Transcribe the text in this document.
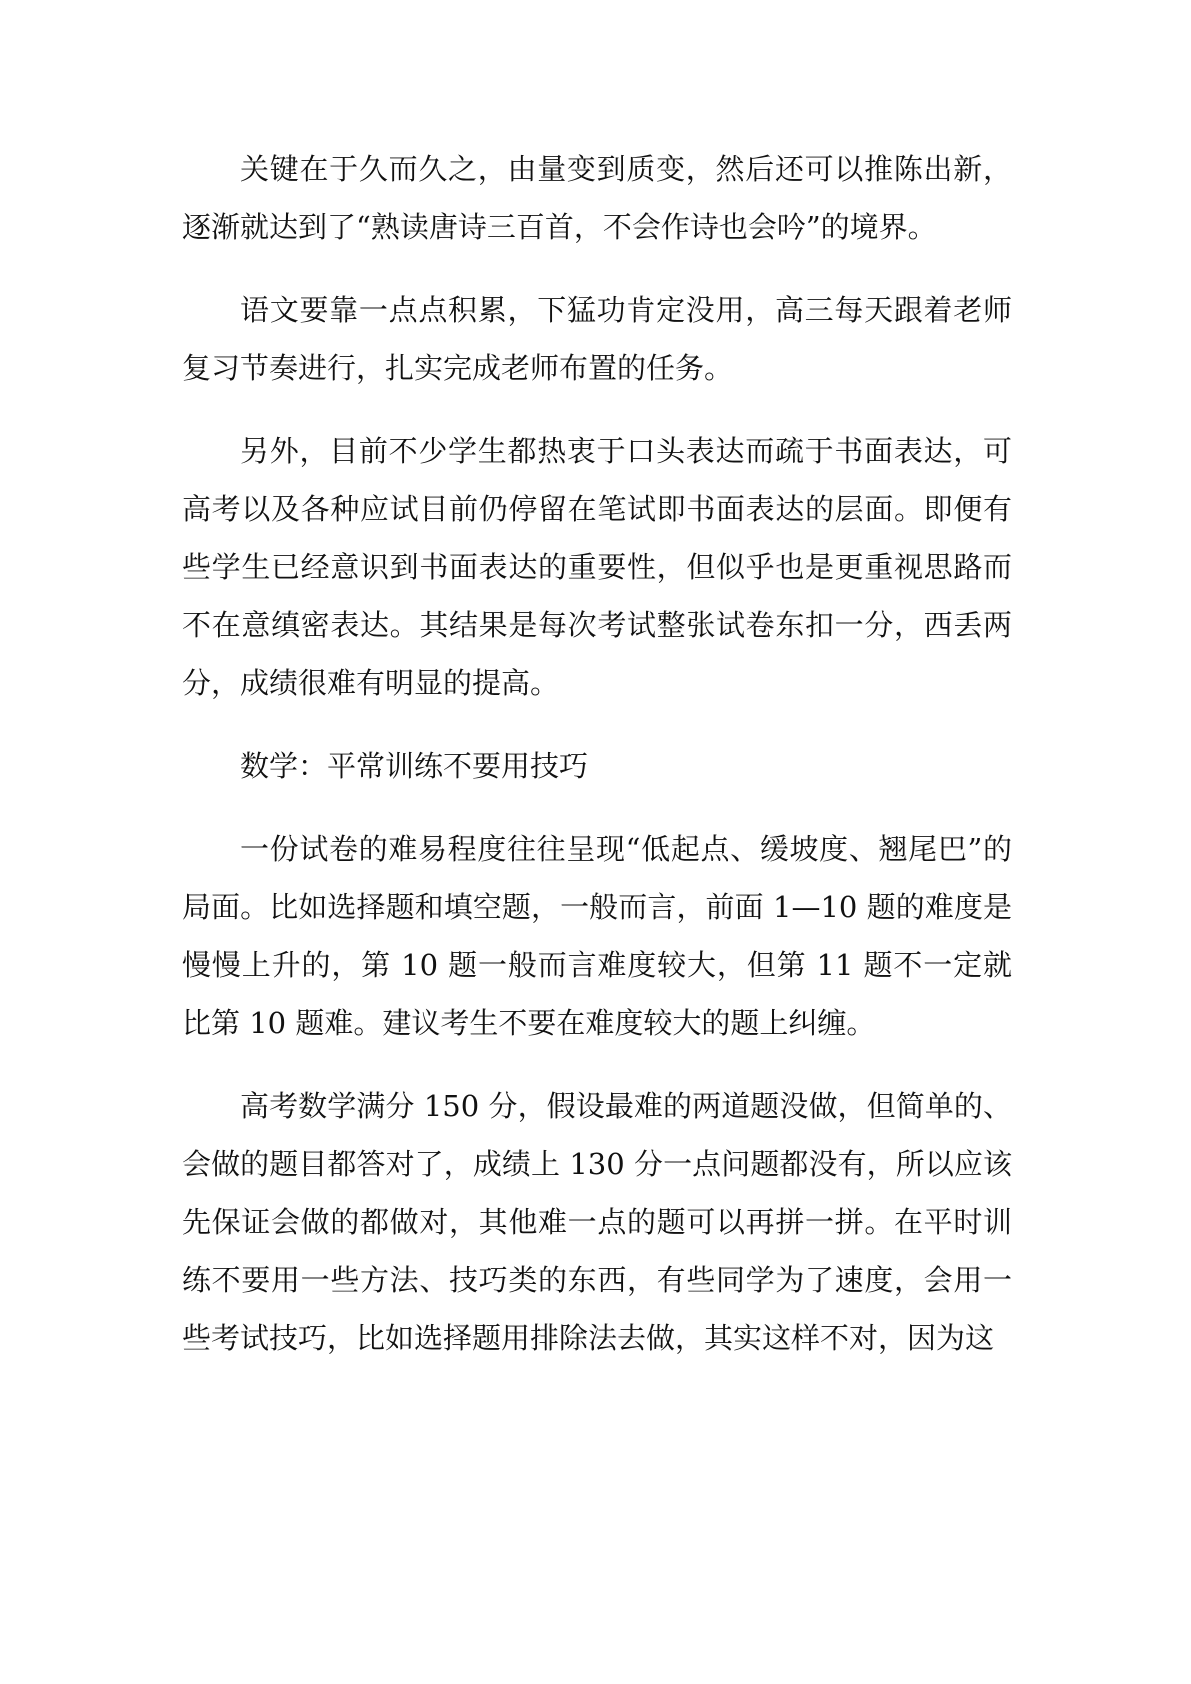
关键在于久而久之，由量变到质变，然后还可以推陈出新，逐渐就达到了“熟读唐诗三百首，不会作诗也会吟”的境界。

语文要靠一点点积累，下猛功肯定没用，高三每天跟着老师复习节奏进行，扎实完成老师布置的任务。

另外，目前不少学生都热衷于口头表达而疏于书面表达，可高考以及各种应试目前仍停留在笔试即书面表达的层面。即便有些学生已经意识到书面表达的重要性，但似乎也是更重视思路而不在意缜密表达。其结果是每次考试整张试卷东扣一分，西丢两分，成绩很难有明显的提高。

数学：平常训练不要用技巧

一份试卷的难易程度往往呈现“低起点、缓坡度、翘尾巴”的局面。比如选择题和填空题，一般而言，前面 1—10 题的难度是慢慢上升的，第 10 题一般而言难度较大，但第 11 题不一定就比第 10 题难。建议考生不要在难度较大的题上纠缠。

高考数学满分 150 分，假设最难的两道题没做，但简单的、会做的题目都答对了，成绩上 130 分一点问题都没有，所以应该先保证会做的都做对，其他难一点的题可以再拼一拼。在平时训练不要用一些方法、技巧类的东西，有些同学为了速度，会用一些考试技巧，比如选择题用排除法去做，其实这样不对，因为这
